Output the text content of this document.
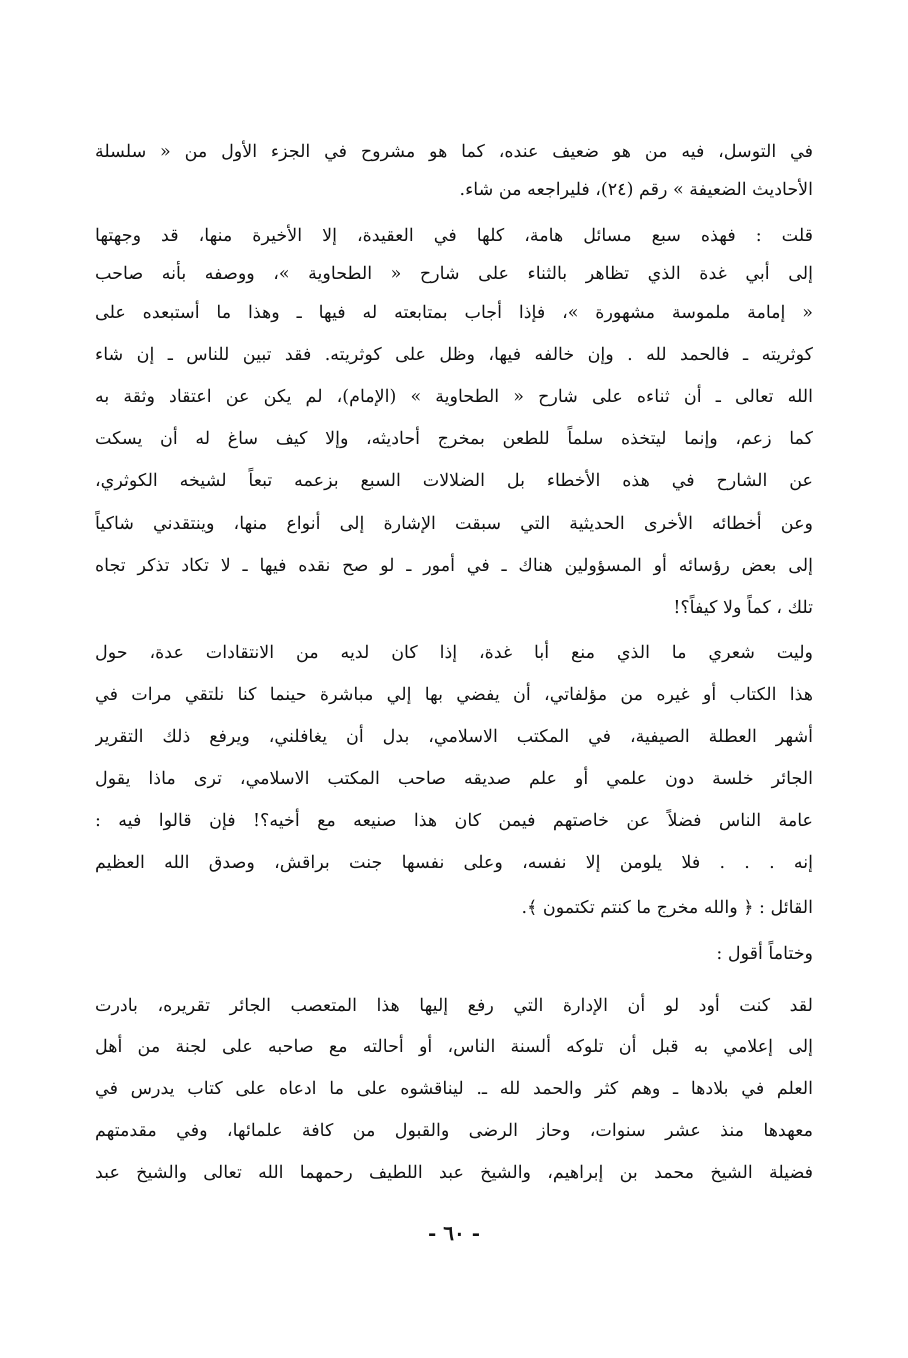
في التوسل، فيه من هو ضعيف عنده، كما هو مشروح في الجزء الأول من « سلسلة
الأحاديث الضعيفة » رقم (٢٤)، فليراجعه من شاء.
قلت : فهذه سبع مسائل هامة، كلها في العقيدة، إلا الأخيرة منها، قد وجهتها
إلى أبي غدة الذي تظاهر بالثناء على شارح « الطحاوية »، ووصفه بأنه صاحب
« إمامة ملموسة مشهورة »، فإذا أجاب بمتابعته له فيها ـ وهذا ما أستبعده على
كوثريته ـ فالحمد لله . وإن خالفه فيها، وظل على كوثريته. فقد تبين للناس ـ إن شاء
الله تعالى ـ أن ثناءه على شارح « الطحاوية » (الإمام)، لم يكن عن اعتقاد وثقة به
كما زعم، وإنما ليتخذه سلماً للطعن بمخرج أحاديثه، وإلا كيف ساغ له أن يسكت
عن الشارح في هذه الأخطاء بل الضلالات السبع بزعمه تبعاً لشيخه الكوثري،
وعن أخطائه الأخرى الحديثية التي سبقت الإشارة إلى أنواع منها، وينتقدني شاكياً
إلى بعض رؤسائه أو المسؤولين هناك ـ في أمور ـ لو صح نقده فيها ـ لا تكاد تذكر تجاه
تلك ، كماً ولا كيفاً؟!
وليت شعري ما الذي منع أبا غدة، إذا كان لديه من الانتقادات عدة، حول
هذا الكتاب أو غيره من مؤلفاتي، أن يفضي بها إلي مباشرة حينما كنا نلتقي مرات في
أشهر العطلة الصيفية، في المكتب الاسلامي، بدل أن يغافلني، ويرفع ذلك التقرير
الجائر خلسة دون علمي أو علم صديقه صاحب المكتب الاسلامي، ترى ماذا يقول
عامة الناس فضلاً عن خاصتهم فيمن كان هذا صنيعه مع أخيه؟! فإن قالوا فيه :
إنه . . . فلا يلومن إلا نفسه، وعلى نفسها جنت براقش، وصدق الله العظيم
القائل : ﴿ والله مخرج ما كنتم تكتمون ﴾.
وختاماً أقول :
لقد كنت أود لو أن الإدارة التي رفع إليها هذا المتعصب الجائر تقريره، بادرت
إلى إعلامي به قبل أن تلوكه ألسنة الناس، أو أحالته مع صاحبه على لجنة من أهل
العلم في بلادها ـ وهم كثر والحمد لله ـ. ليناقشوه على ما ادعاه على كتاب يدرس في
معهدها منذ عشر سنوات، وحاز الرضى والقبول من كافة علمائها، وفي مقدمتهم
فضيلة الشيخ محمد بن إبراهيم، والشيخ عبد اللطيف رحمهما الله تعالى والشيخ عبد
- ٦٠ -
